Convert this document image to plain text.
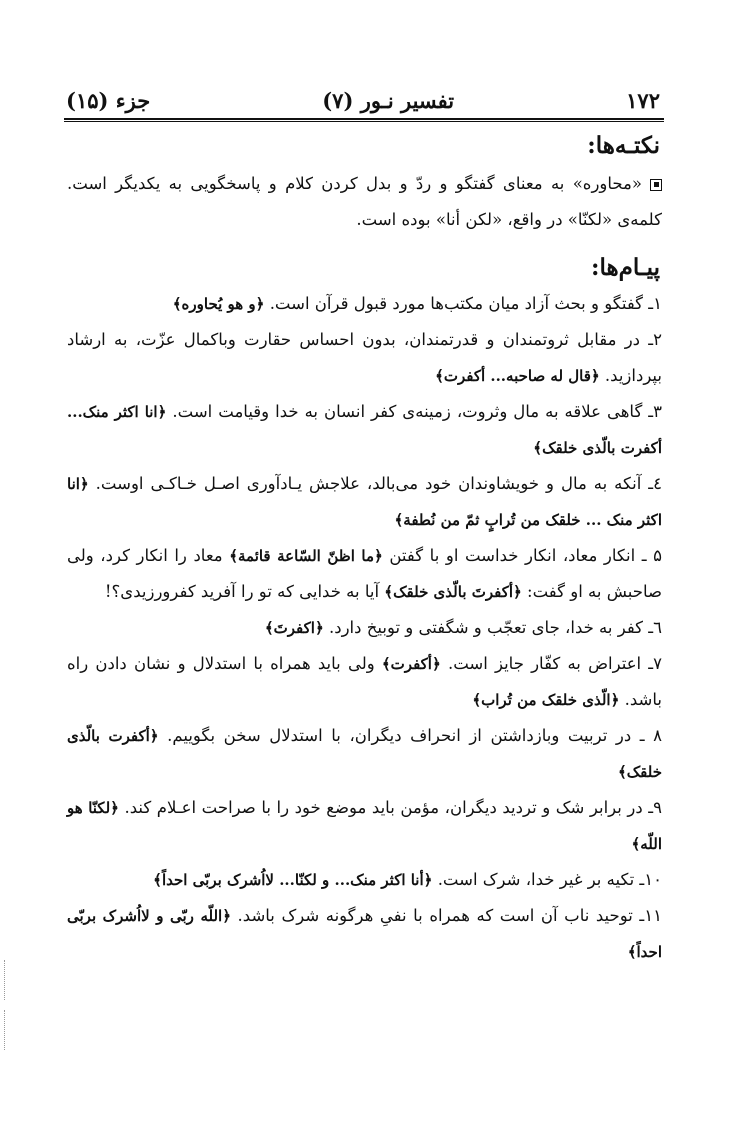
۱۷۲
تفسیر نـور (۷)
جزء (۱۵)
نکتـه‌ها:

«محاوره» به معنای گفتگو و ردّ و بدل کردن کلام و پاسخگویی به یکدیگر است. کلمه‌ی «لکنّا» در واقع، «لکن أنا» بوده است.

پیـام‌ها:

۱ـ گفتگو و بحث آزاد میان مکتب‌ها مورد قبول قرآن است. ﴿و هو یُحاوره﴾

۲ـ در مقابل ثروتمندان و قدرتمندان، بدون احساس حقارت وباکمال عزّت، به ارشاد بپردازید. ﴿قال له صاحبه... أکفرت﴾

۳ـ گاهی علاقه به مال وثروت، زمینه‌ی کفر انسان به خدا وقیامت است. ﴿انا اکثر منک... أکفرت بالّذی خلقک﴾

٤ـ آنکه به مال و خویشاوندان خود می‌بالد، علاجش یـادآوری اصـل خـاکـی اوست. ﴿انا اکثر منک ... خلقک من تُرابٍ ثمّ من نُطفة﴾

۵ ـ انکار معاد، انکار خداست او با گفتن ﴿ما اظنّ السّاعة قائمة﴾ معاد را انکار کرد، ولی صاحبش به او گفت: ﴿أکفرتَ بالّذی خلقک﴾ آیا به خدایی که تو را آفرید کفرورزیدی؟!

٦ـ کفر به خدا، جای تعجّب و شگفتی و توبیخ دارد. ﴿اکفرتَ﴾

۷ـ اعتراض به کفّار جایز است. ﴿أکفرت﴾ ولی باید همراه با استدلال و نشان دادن راه باشد. ﴿الّذی خلقک من تُراب﴾

۸ ـ در تربیت وبازداشتن از انحراف دیگران، با استدلال سخن بگوییم. ﴿أکفرت بالّذی خلقک﴾

۹ـ در برابر شک و تردید دیگران، مؤمن باید موضع خود را با صراحت اعـلام کند. ﴿لکنّا هو اللّه﴾

۱۰ـ تکیه بر غیر خدا، شرک است. ﴿أنا اکثر منک... و لکنّا... لااُشرک بربّی احداً﴾

۱۱ـ توحید ناب آن است که همراه با نفیِ هرگونه شرک باشد. ﴿اللّه ربّی و لااُشرک بربّی احداً﴾
